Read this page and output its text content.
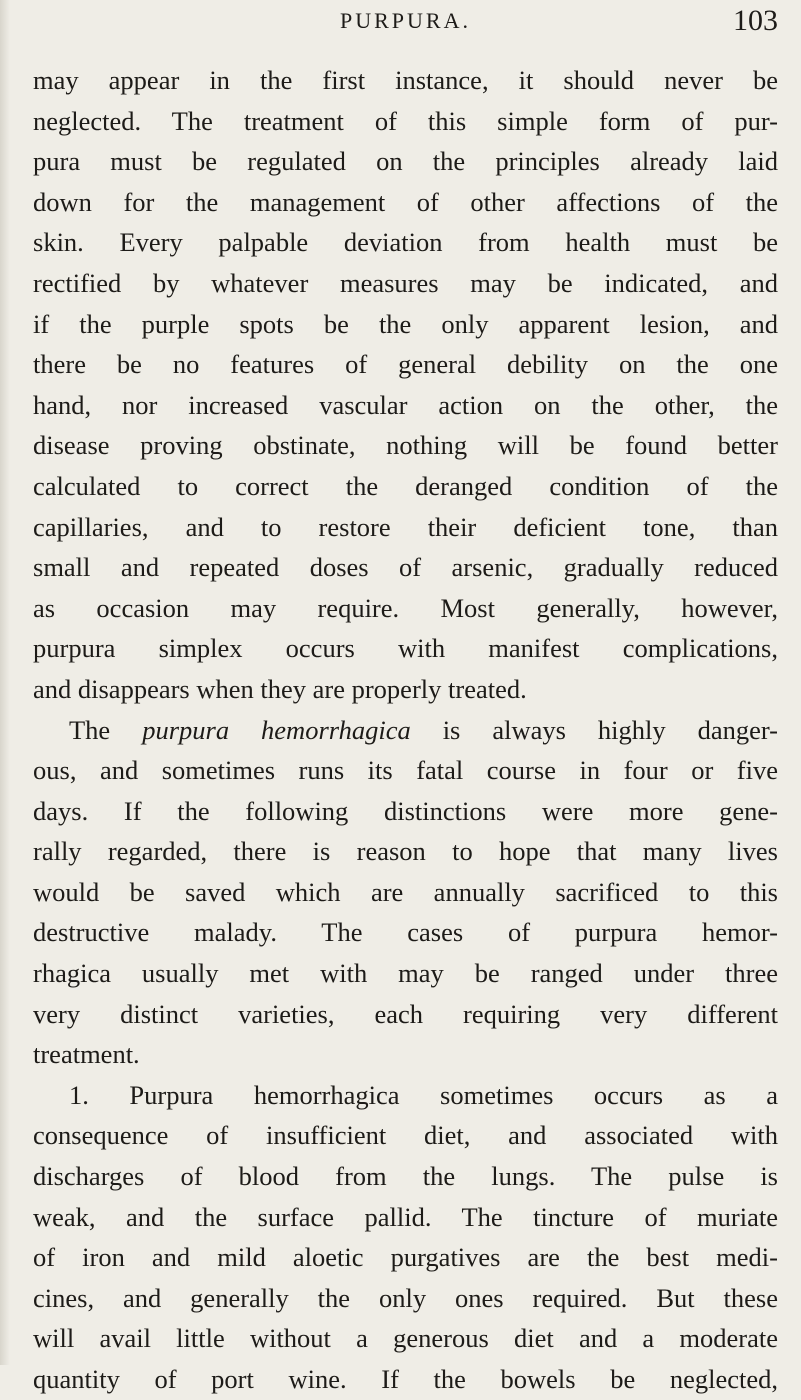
PURPURA.	103
may appear in the first instance, it should never be
neglected. The treatment of this simple form of pur-
pura must be regulated on the principles already laid
down for the management of other affections of the
skin. Every palpable deviation from health must be
rectified by whatever measures may be indicated, and
if the purple spots be the only apparent lesion, and
there be no features of general debility on the one
hand, nor increased vascular action on the other, the
disease proving obstinate, nothing will be found better
calculated to correct the deranged condition of the
capillaries, and to restore their deficient tone, than
small and repeated doses of arsenic, gradually reduced
as occasion may require. Most generally, however,
purpura simplex occurs with manifest complications,
and disappears when they are properly treated.
The purpura hemorrhagica is always highly danger-
ous, and sometimes runs its fatal course in four or five
days. If the following distinctions were more gene-
rally regarded, there is reason to hope that many lives
would be saved which are annually sacrificed to this
destructive malady. The cases of purpura hemor-
rhagica usually met with may be ranged under three
very distinct varieties, each requiring very different
treatment.
1. Purpura hemorrhagica sometimes occurs as a
consequence of insufficient diet, and associated with
discharges of blood from the lungs. The pulse is
weak, and the surface pallid. The tincture of muriate
of iron and mild aloetic purgatives are the best medi-
cines, and generally the only ones required. But these
will avail little without a generous diet and a moderate
quantity of port wine. If the bowels be neglected,
